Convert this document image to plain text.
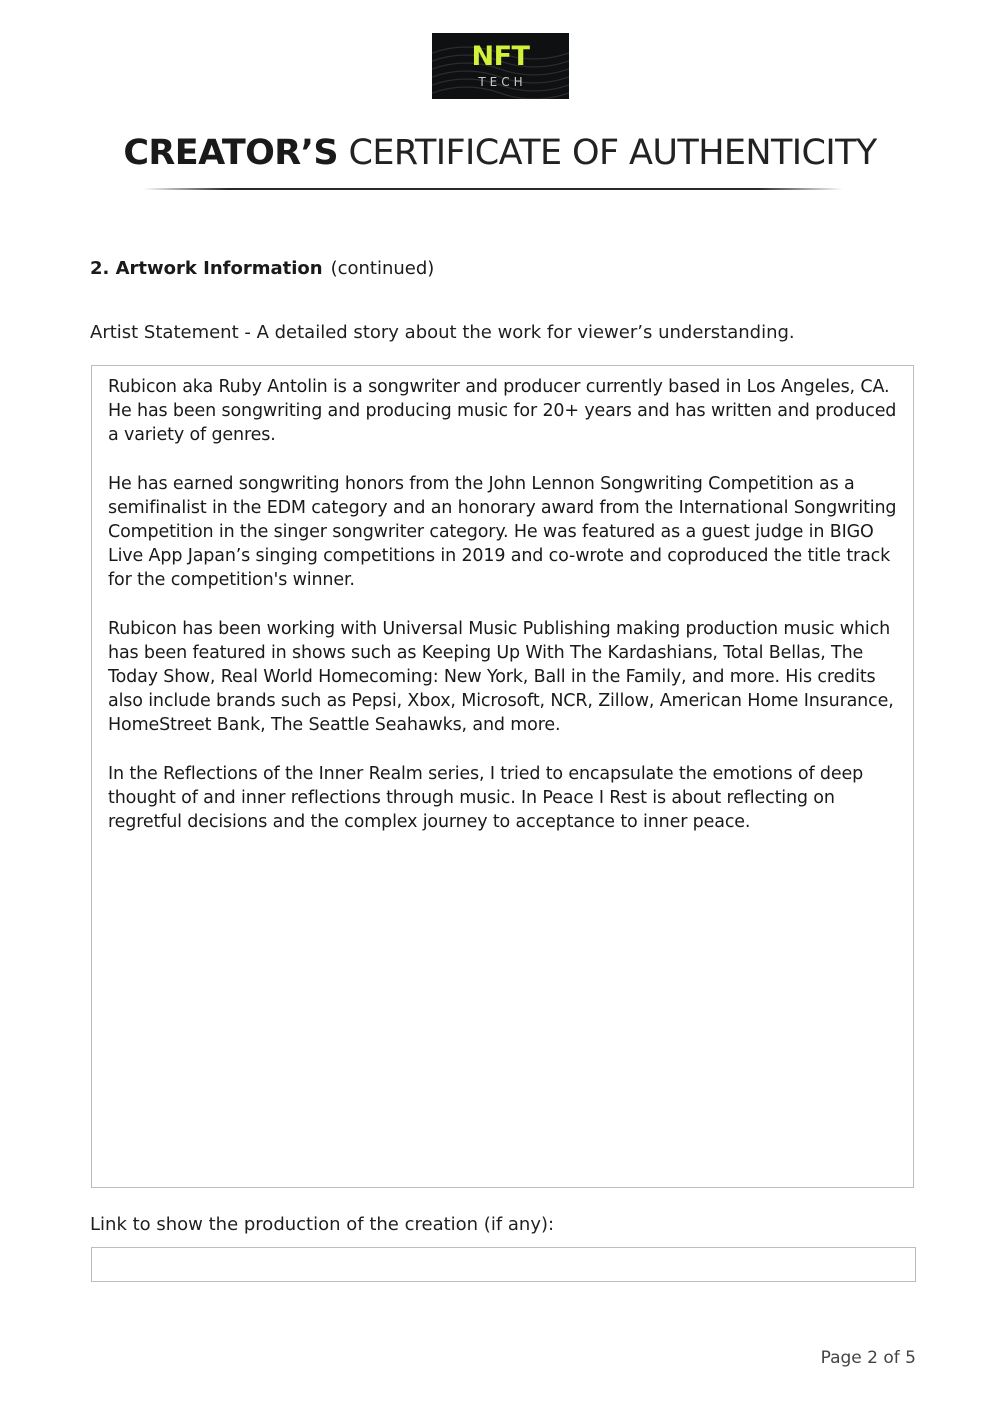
NFT
TECH
CREATOR’S CERTIFICATE OF AUTHENTICITY
2. Artwork Information (continued)
Artist Statement - A detailed story about the work for viewer’s understanding.

Rubicon aka Ruby Antolin is a songwriter and producer currently based in Los Angeles, CA. He has been songwriting and producing music for 20+ years and has written and produced a variety of genres.

He has earned songwriting honors from the John Lennon Songwriting Competition as a semifinalist in the EDM category and an honorary award from the International Songwriting Competition in the singer songwriter category. He was featured as a guest judge in BIGO Live App Japan’s singing competitions in 2019 and co-wrote and coproduced the title track for the competition's winner.

Rubicon has been working with Universal Music Publishing making production music which has been featured in shows such as Keeping Up With The Kardashians, Total Bellas, The Today Show, Real World Homecoming: New York, Ball in the Family, and more. His credits also include brands such as Pepsi, Xbox, Microsoft, NCR, Zillow, American Home Insurance, HomeStreet Bank, The Seattle Seahawks, and more.

In the Reflections of the Inner Realm series, I tried to encapsulate the emotions of deep thought of and inner reflections through music. In Peace I Rest is about reflecting on regretful decisions and the complex journey to acceptance to inner peace.

Link to show the production of the creation (if any):
Page 2 of 5
